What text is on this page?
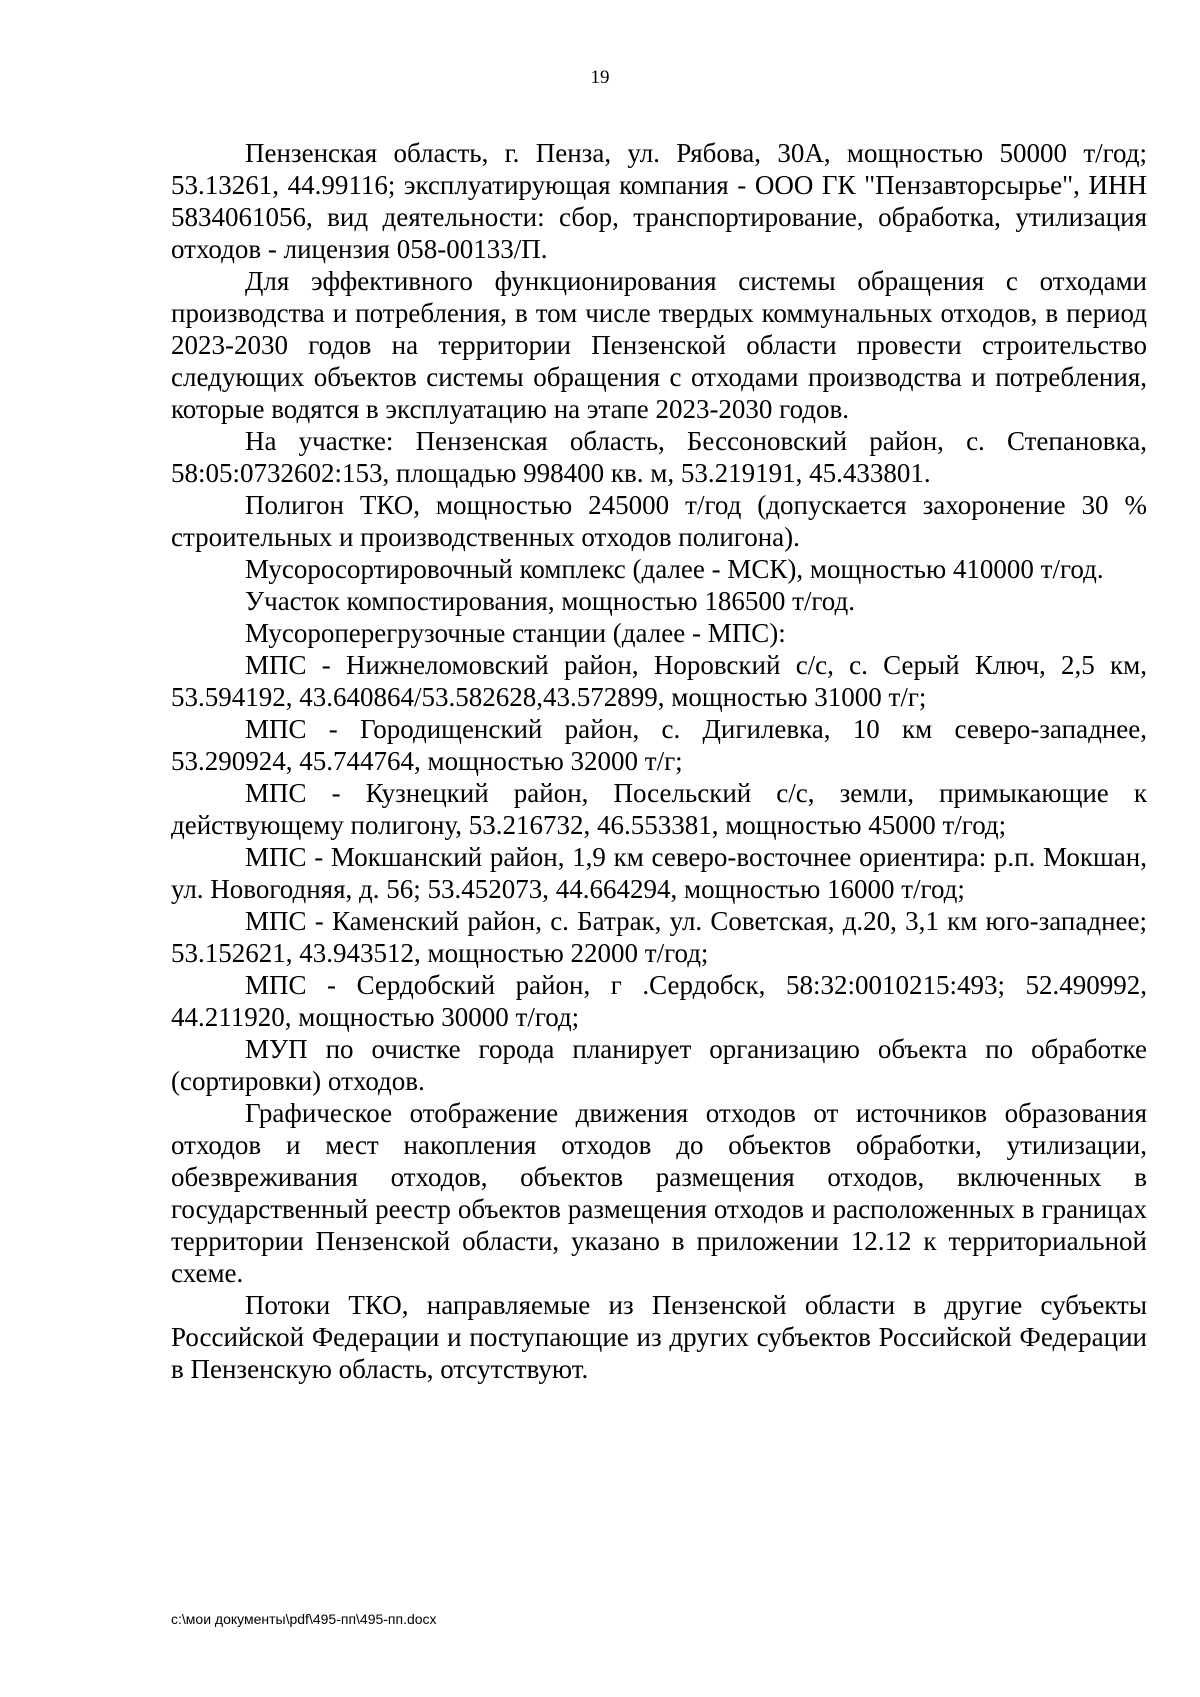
19

Пензенская область, г. Пенза, ул. Рябова, 30А, мощностью 50000 т/год; 53.13261, 44.99116; эксплуатирующая компания - ООО ГК "Пензавторсырье", ИНН 5834061056, вид деятельности: сбор, транспортирование, обработка, утилизация отходов - лицензия 058-00133/П.

Для эффективного функционирования системы обращения с отходами производства и потребления, в том числе твердых коммунальных отходов, в период 2023-2030 годов на территории Пензенской области провести строительство следующих объектов системы обращения с отходами производства и потребления, которые водятся в эксплуатацию на этапе 2023-2030 годов.

На участке: Пензенская область, Бессоновский район, с. Степановка, 58:05:0732602:153, площадью 998400 кв. м, 53.219191, 45.433801.

Полигон ТКО, мощностью 245000 т/год (допускается захоронение 30 % строительных и производственных отходов полигона).

Мусоросортировочный комплекс (далее - МСК), мощностью 410000 т/год.

Участок компостирования, мощностью 186500 т/год.

Мусороперегрузочные станции (далее - МПС):

МПС - Нижнеломовский район, Норовский с/с, с. Серый Ключ, 2,5 км, 53.594192, 43.640864/53.582628,43.572899, мощностью 31000 т/г;

МПС - Городищенский район, с. Дигилевка, 10 км северо-западнее, 53.290924, 45.744764, мощностью 32000 т/г;

МПС - Кузнецкий район, Посельский с/с, земли, примыкающие к действующему полигону, 53.216732, 46.553381, мощностью 45000 т/год;

МПС - Мокшанский район, 1,9 км северо-восточнее ориентира: р.п. Мокшан, ул. Новогодняя, д. 56; 53.452073, 44.664294, мощностью 16000 т/год;

МПС - Каменский район, с. Батрак, ул. Советская, д.20, 3,1 км юго-западнее; 53.152621, 43.943512, мощностью 22000 т/год;

МПС - Сердобский район, г .Сердобск, 58:32:0010215:493; 52.490992, 44.211920, мощностью 30000 т/год;

МУП по очистке города планирует организацию объекта по обработке (сортировки) отходов.

Графическое отображение движения отходов от источников образования отходов и мест накопления отходов до объектов обработки, утилизации, обезвреживания отходов, объектов размещения отходов, включенных в государственный реестр объектов размещения отходов и расположенных в границах территории Пензенской области, указано в приложении 12.12 к территориальной схеме.

Потоки ТКО, направляемые из Пензенской области в другие субъекты Российской Федерации и поступающие из других субъектов Российской Федерации в Пензенскую область, отсутствуют.

c:\мои документы\pdf\495-пп\495-пп.docx
